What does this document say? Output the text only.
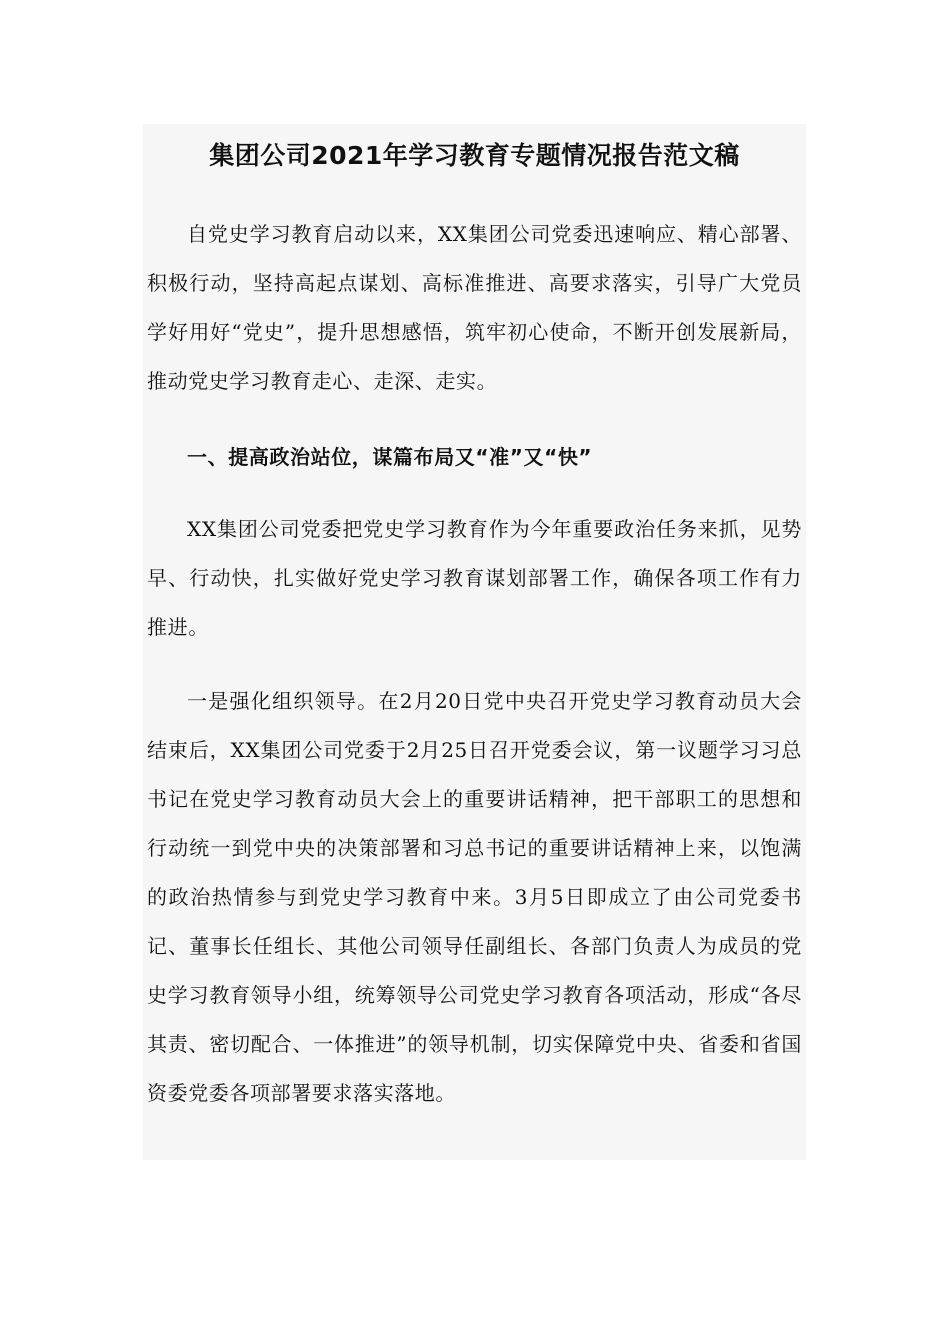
集团公司2021年学习教育专题情况报告范文稿

自党史学习教育启动以来，XX集团公司党委迅速响应、精心部署、积极行动，坚持高起点谋划、高标准推进、高要求落实，引导广大党员学好用好“党史”，提升思想感悟，筑牢初心使命，不断开创发展新局，推动党史学习教育走心、走深、走实。

一、提高政治站位，谋篇布局又“准”又“快”

XX集团公司党委把党史学习教育作为今年重要政治任务来抓，见势早、行动快，扎实做好党史学习教育谋划部署工作，确保各项工作有力推进。

一是强化组织领导。在2月20日党中央召开党史学习教育动员大会结束后，XX集团公司党委于2月25日召开党委会议，第一议题学习习总书记在党史学习教育动员大会上的重要讲话精神，把干部职工的思想和行动统一到党中央的决策部署和习总书记的重要讲话精神上来，以饱满的政治热情参与到党史学习教育中来。3月5日即成立了由公司党委书记、董事长任组长、其他公司领导任副组长、各部门负责人为成员的党史学习教育领导小组，统筹领导公司党史学习教育各项活动，形成“各尽其责、密切配合、一体推进”的领导机制，切实保障党中央、省委和省国资委党委各项部署要求落实落地。
